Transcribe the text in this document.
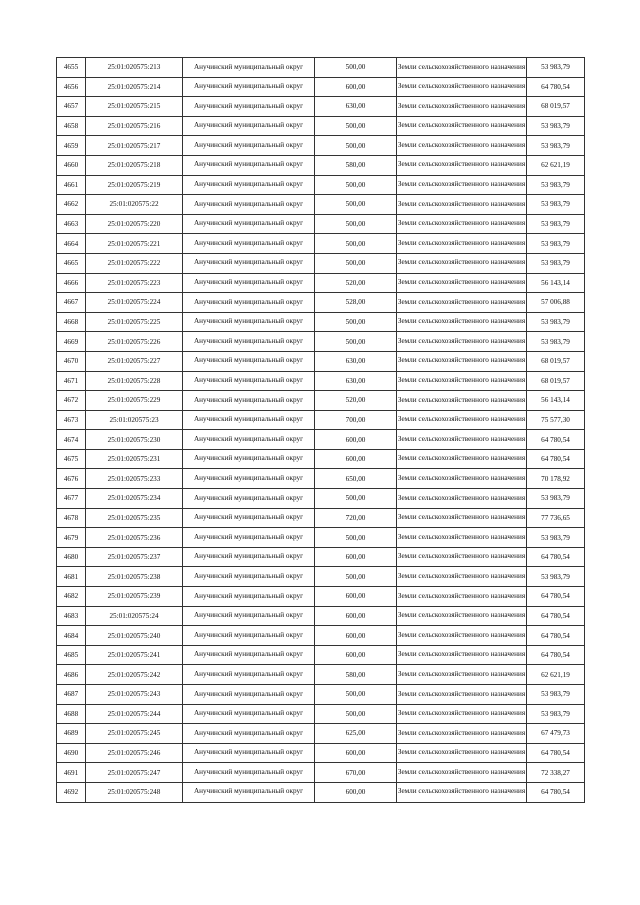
4655	25:01:020575:213	Анучинский муниципальный округ	500,00	Земли сельскохозяйственного назначения	53 983,79
4656	25:01:020575:214	Анучинский муниципальный округ	600,00	Земли сельскохозяйственного назначения	64 780,54
4657	25:01:020575:215	Анучинский муниципальный округ	630,00	Земли сельскохозяйственного назначения	68 019,57
4658	25:01:020575:216	Анучинский муниципальный округ	500,00	Земли сельскохозяйственного назначения	53 983,79
4659	25:01:020575:217	Анучинский муниципальный округ	500,00	Земли сельскохозяйственного назначения	53 983,79
4660	25:01:020575:218	Анучинский муниципальный округ	580,00	Земли сельскохозяйственного назначения	62 621,19
4661	25:01:020575:219	Анучинский муниципальный округ	500,00	Земли сельскохозяйственного назначения	53 983,79
4662	25:01:020575:22	Анучинский муниципальный округ	500,00	Земли сельскохозяйственного назначения	53 983,79
4663	25:01:020575:220	Анучинский муниципальный округ	500,00	Земли сельскохозяйственного назначения	53 983,79
4664	25:01:020575:221	Анучинский муниципальный округ	500,00	Земли сельскохозяйственного назначения	53 983,79
4665	25:01:020575:222	Анучинский муниципальный округ	500,00	Земли сельскохозяйственного назначения	53 983,79
4666	25:01:020575:223	Анучинский муниципальный округ	520,00	Земли сельскохозяйственного назначения	56 143,14
4667	25:01:020575:224	Анучинский муниципальный округ	528,00	Земли сельскохозяйственного назначения	57 006,88
4668	25:01:020575:225	Анучинский муниципальный округ	500,00	Земли сельскохозяйственного назначения	53 983,79
4669	25:01:020575:226	Анучинский муниципальный округ	500,00	Земли сельскохозяйственного назначения	53 983,79
4670	25:01:020575:227	Анучинский муниципальный округ	630,00	Земли сельскохозяйственного назначения	68 019,57
4671	25:01:020575:228	Анучинский муниципальный округ	630,00	Земли сельскохозяйственного назначения	68 019,57
4672	25:01:020575:229	Анучинский муниципальный округ	520,00	Земли сельскохозяйственного назначения	56 143,14
4673	25:01:020575:23	Анучинский муниципальный округ	700,00	Земли сельскохозяйственного назначения	75 577,30
4674	25:01:020575:230	Анучинский муниципальный округ	600,00	Земли сельскохозяйственного назначения	64 780,54
4675	25:01:020575:231	Анучинский муниципальный округ	600,00	Земли сельскохозяйственного назначения	64 780,54
4676	25:01:020575:233	Анучинский муниципальный округ	650,00	Земли сельскохозяйственного назначения	70 178,92
4677	25:01:020575:234	Анучинский муниципальный округ	500,00	Земли сельскохозяйственного назначения	53 983,79
4678	25:01:020575:235	Анучинский муниципальный округ	720,00	Земли сельскохозяйственного назначения	77 736,65
4679	25:01:020575:236	Анучинский муниципальный округ	500,00	Земли сельскохозяйственного назначения	53 983,79
4680	25:01:020575:237	Анучинский муниципальный округ	600,00	Земли сельскохозяйственного назначения	64 780,54
4681	25:01:020575:238	Анучинский муниципальный округ	500,00	Земли сельскохозяйственного назначения	53 983,79
4682	25:01:020575:239	Анучинский муниципальный округ	600,00	Земли сельскохозяйственного назначения	64 780,54
4683	25:01:020575:24	Анучинский муниципальный округ	600,00	Земли сельскохозяйственного назначения	64 780,54
4684	25:01:020575:240	Анучинский муниципальный округ	600,00	Земли сельскохозяйственного назначения	64 780,54
4685	25:01:020575:241	Анучинский муниципальный округ	600,00	Земли сельскохозяйственного назначения	64 780,54
4686	25:01:020575:242	Анучинский муниципальный округ	580,00	Земли сельскохозяйственного назначения	62 621,19
4687	25:01:020575:243	Анучинский муниципальный округ	500,00	Земли сельскохозяйственного назначения	53 983,79
4688	25:01:020575:244	Анучинский муниципальный округ	500,00	Земли сельскохозяйственного назначения	53 983,79
4689	25:01:020575:245	Анучинский муниципальный округ	625,00	Земли сельскохозяйственного назначения	67 479,73
4690	25:01:020575:246	Анучинский муниципальный округ	600,00	Земли сельскохозяйственного назначения	64 780,54
4691	25:01:020575:247	Анучинский муниципальный округ	670,00	Земли сельскохозяйственного назначения	72 338,27
4692	25:01:020575:248	Анучинский муниципальный округ	600,00	Земли сельскохозяйственного назначения	64 780,54
